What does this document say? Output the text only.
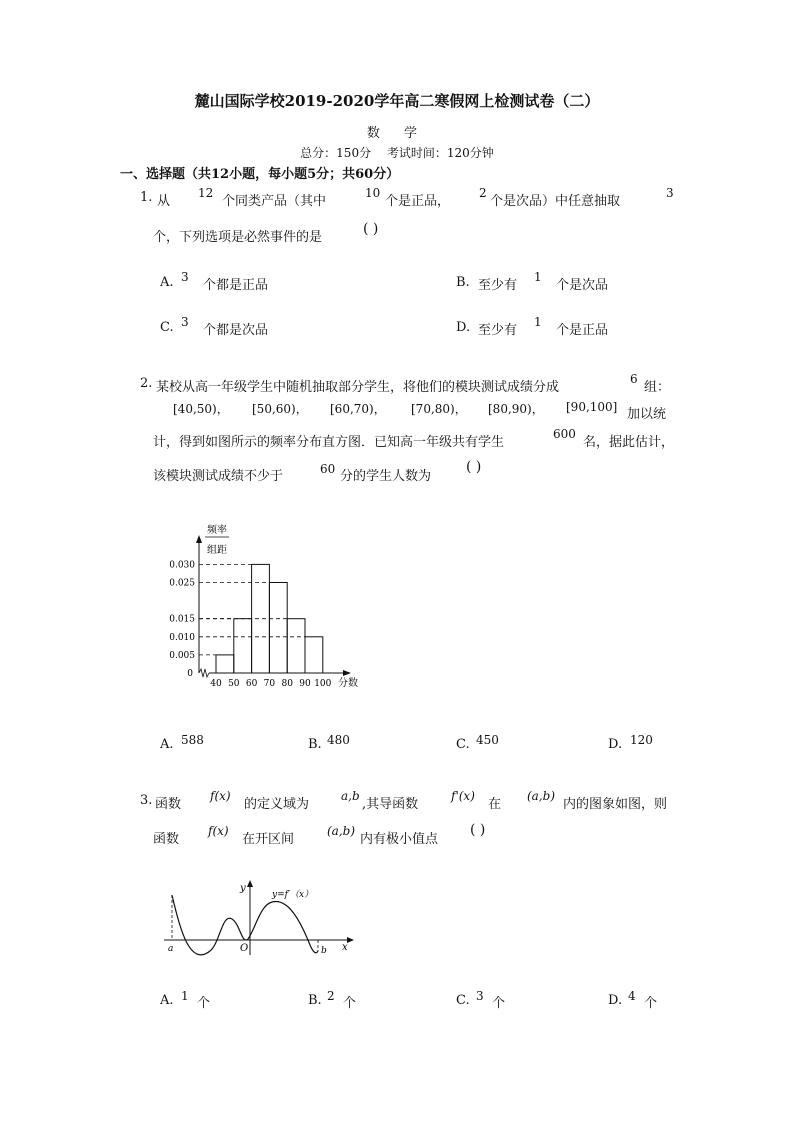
麓山国际学校2019-2020学年高二寒假网上检测试卷（二）
数 学
总分：150分 考试时间：120分钟
一、选择题（共12小题，每小题5分；共60分）
1. 从
12
个同类产品（其中
10
个是正品，
2
个是次品）中任意抽取
3
个，下列选项是必然事件的是
( )
A. 3
个都是正品	B. 至少有
1
个是次品
C. 3
个都是次品	D. 至少有
1
个是正品
2. 某校从高一年级学生中随机抽取部分学生，将他们的模块测试成绩分成
6
组：
[40,50)， [50,60)， [60,70)， [70,80)， [80,90)， [90,100] 加以统
计，得到如图所示的频率分布直方图．已知高一年级共有学生
600
名，据此估计，
该模块测试成绩不少于	60 分的学生人数为
( )
频率
组距
0
0.030
0.025
0.015
0.010
0.005
40 50 60 70 80 90 100 分数
A. 588	B. 480	C. 450	D. 120
3. 函数
f(x)
的定义域为
a,b
,其导函数
f'(x)
在
(a,b)
内的图象如图，则
函数
f(x)
在开区间
(a,b)
内有极小值点
( )
y
x
O
a	b
y=f′（x）
A. 1 个	B. 2 个	C. 3 个	D. 4 个
